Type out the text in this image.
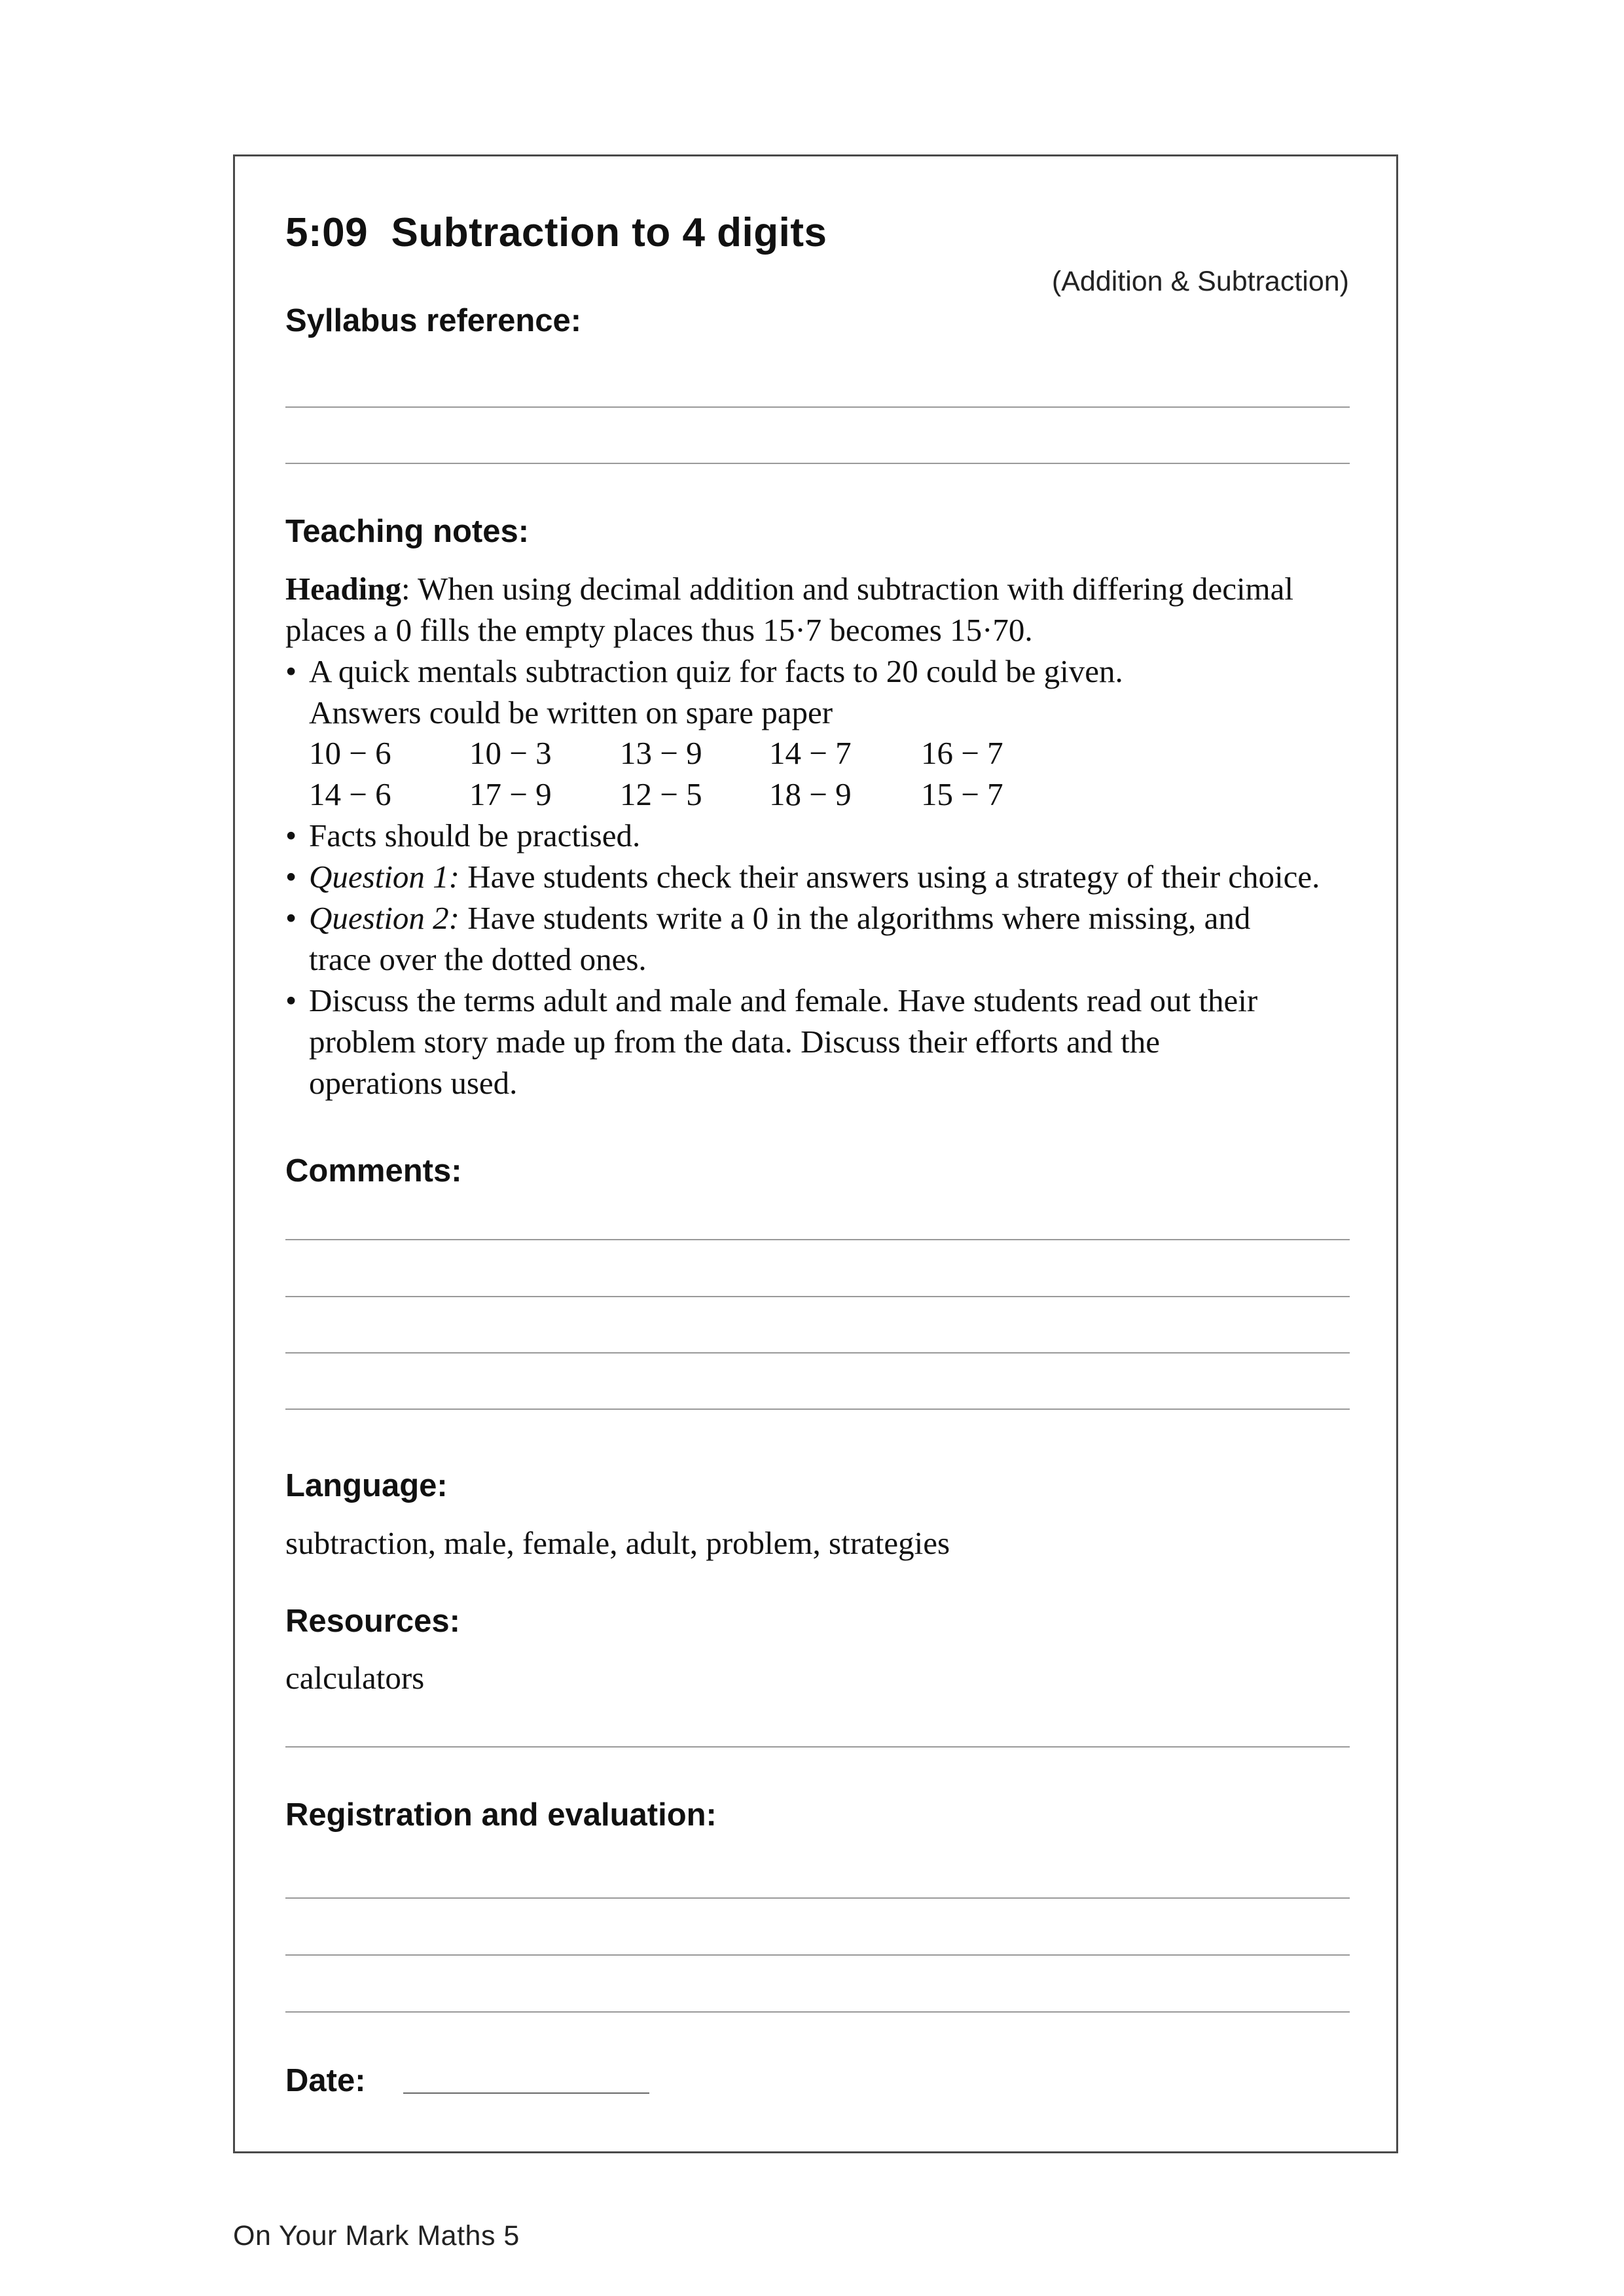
5:09  Subtraction to 4 digits
(Addition & Subtraction)
Syllabus reference:
Teaching notes:
Heading: When using decimal addition and subtraction with differing decimal
places a 0 fills the empty places thus 15·7 becomes 15·70.
• A quick mentals subtraction quiz for facts to 20 could be given.
Answers could be written on spare paper
10 − 6 10 − 3 13 − 9 14 − 7 16 − 7
14 − 6 17 − 9 12 − 5 18 − 9 15 − 7
• Facts should be practised.
• Question 1: Have students check their answers using a strategy of their choice.
• Question 2: Have students write a 0 in the algorithms where missing, and
trace over the dotted ones.
• Discuss the terms adult and male and female. Have students read out their
problem story made up from the data. Discuss their efforts and the
operations used.
Comments:
Language:
subtraction, male, female, adult, problem, strategies
Resources:
calculators
Registration and evaluation:
Date:
On Your Mark Maths 5
